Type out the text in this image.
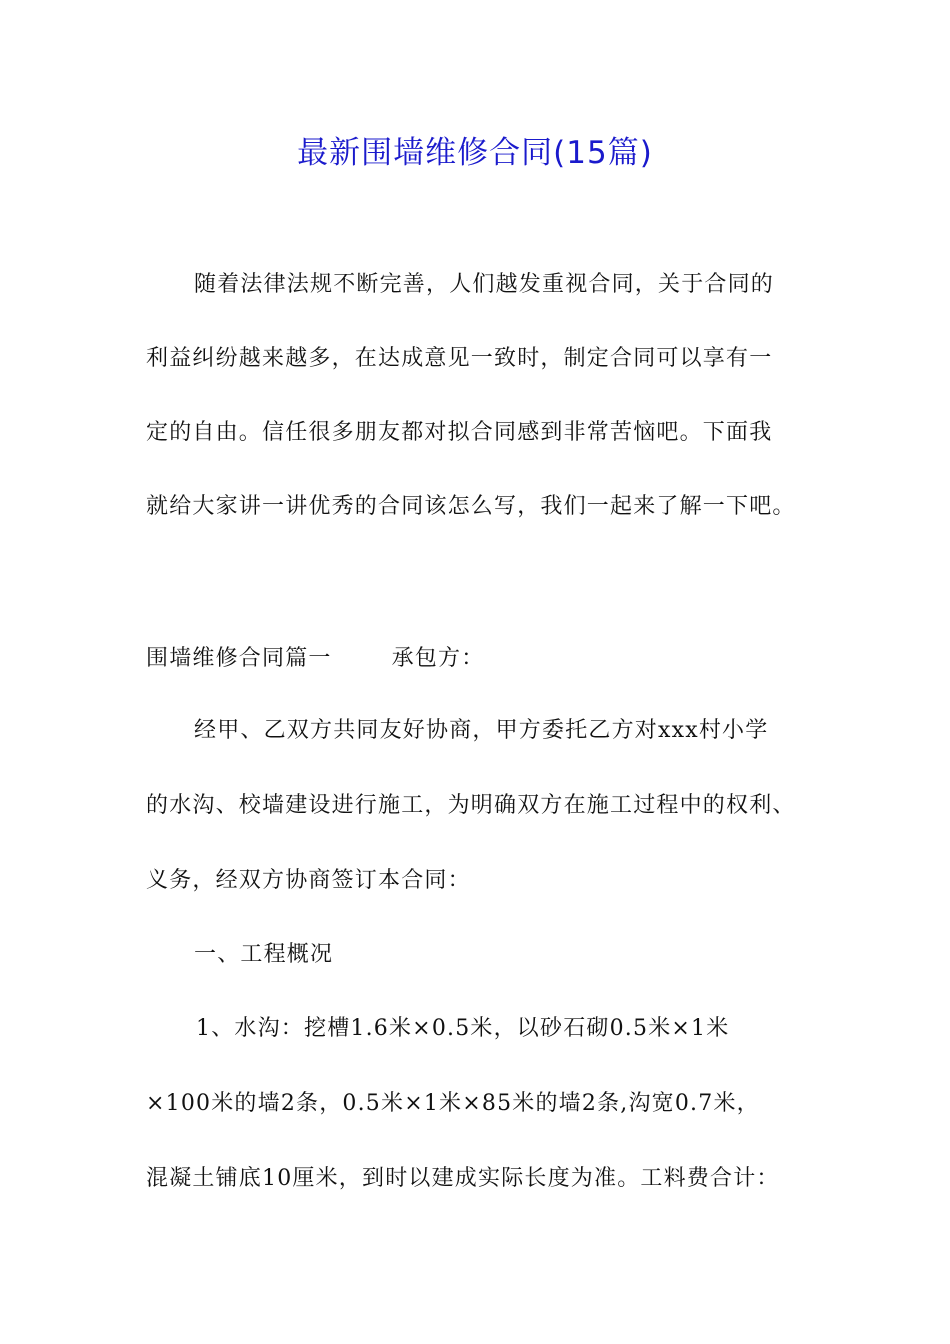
最新围墙维修合同(15篇)
随着法律法规不断完善，人们越发重视合同，关于合同的
利益纠纷越来越多，在达成意见一致时，制定合同可以享有一
定的自由。信任很多朋友都对拟合同感到非常苦恼吧。下面我
就给大家讲一讲优秀的合同该怎么写，我们一起来了解一下吧。
围墙维修合同篇一	承包方：
经甲、乙双方共同友好协商，甲方委托乙方对xxx村小学
的水沟、校墙建设进行施工，为明确双方在施工过程中的权利、
义务，经双方协商签订本合同：
一、工程概况
1、水沟：挖槽1.6米×0.5米，以砂石砌0.5米×1米
×100米的墙2条，0.5米×1米×85米的墙2条,沟宽0.7米，
混凝土铺底10厘米，到时以建成实际长度为准。工料费合计：
